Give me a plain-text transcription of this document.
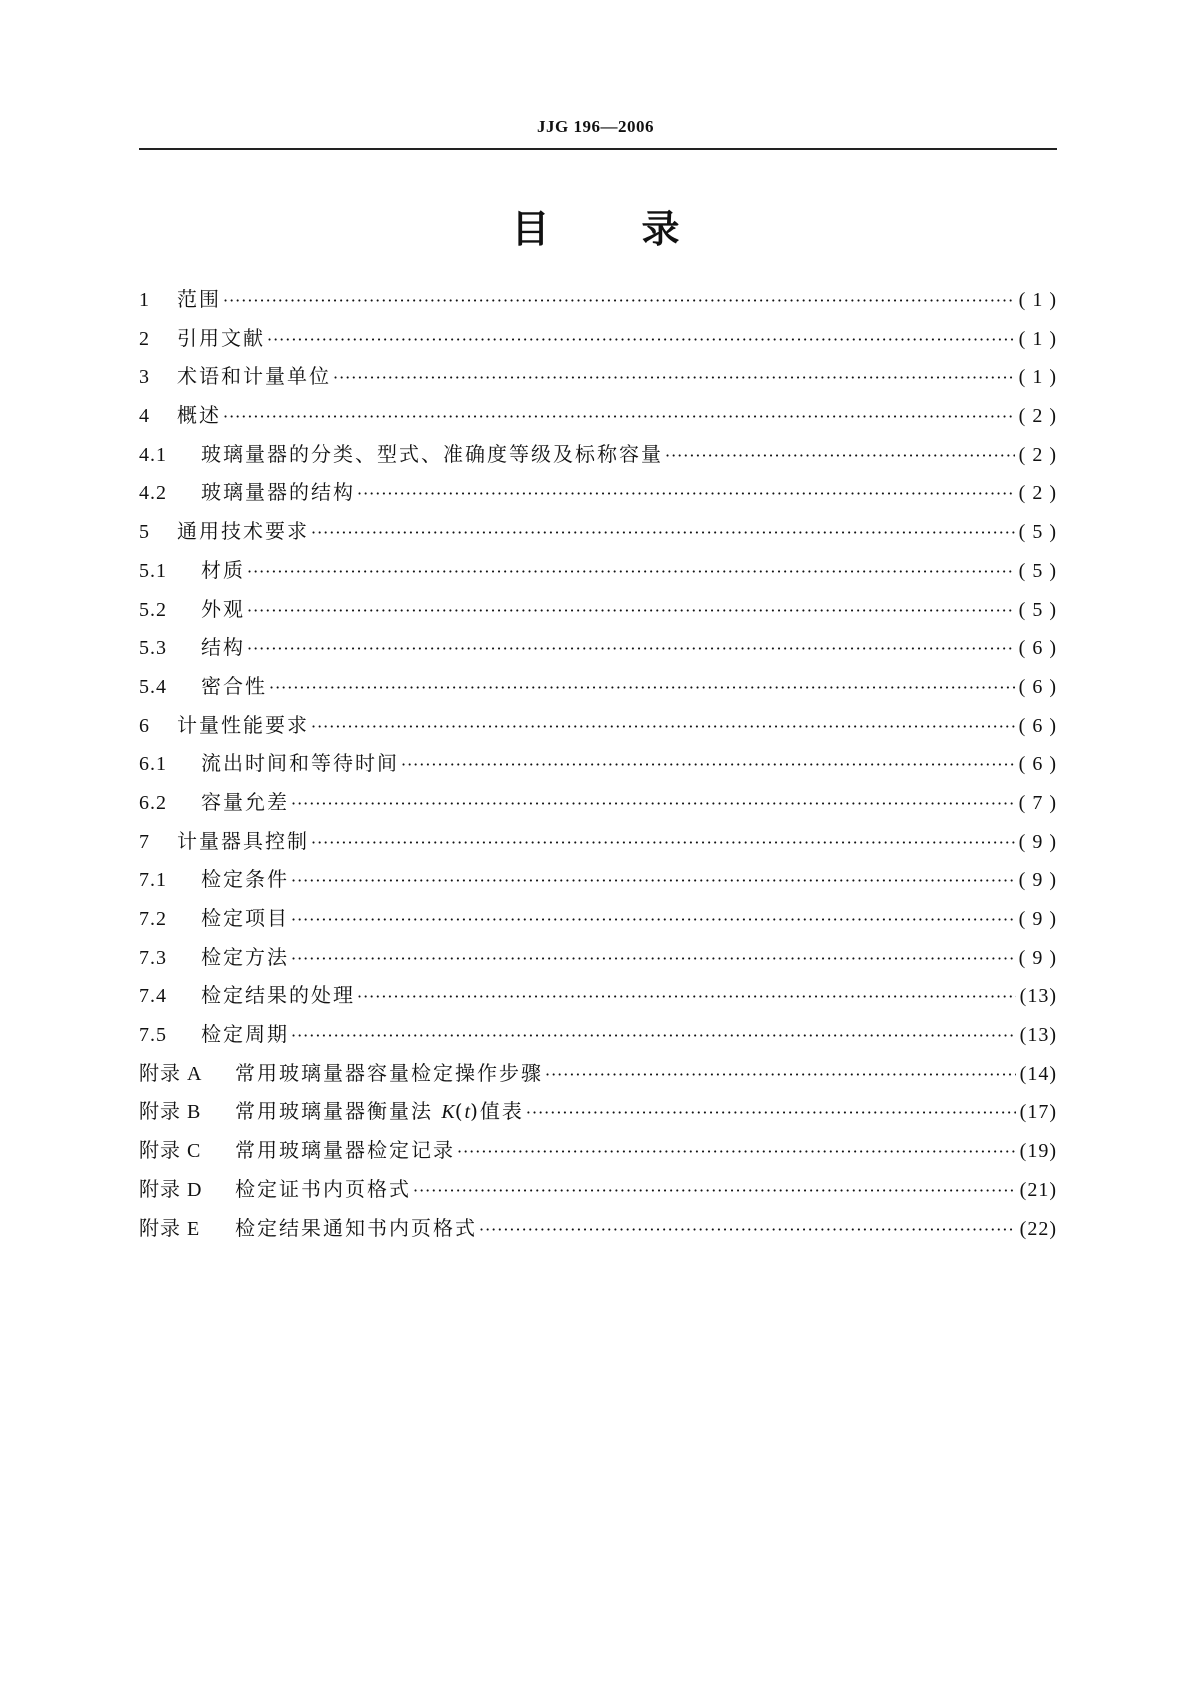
JJG 196—2006
目 录
1	范围 ·····	( 1 )
2	引用文献 ·····	( 1 )
3	术语和计量单位 ·····	( 1 )
4	概述 ·····	( 2 )
4.1	玻璃量器的分类、型式、准确度等级及标称容量 ·····	( 2 )
4.2	玻璃量器的结构 ·····	( 2 )
5	通用技术要求 ·····	( 5 )
5.1	材质 ·····	( 5 )
5.2	外观 ·····	( 5 )
5.3	结构 ·····	( 6 )
5.4	密合性 ·····	( 6 )
6	计量性能要求 ·····	( 6 )
6.1	流出时间和等待时间 ·····	( 6 )
6.2	容量允差 ·····	( 7 )
7	计量器具控制 ·····	( 9 )
7.1	检定条件 ·····	( 9 )
7.2	检定项目 ·····	( 9 )
7.3	检定方法 ·····	( 9 )
7.4	检定结果的处理 ·····	(13)
7.5	检定周期 ·····	(13)
附录 A	常用玻璃量器容量检定操作步骤 ·····	(14)
附录 B	常用玻璃量器衡量法 K(t)值表 ·····	(17)
附录 C	常用玻璃量器检定记录 ·····	(19)
附录 D	检定证书内页格式 ·····	(21)
附录 E	检定结果通知书内页格式 ·····	(22)
